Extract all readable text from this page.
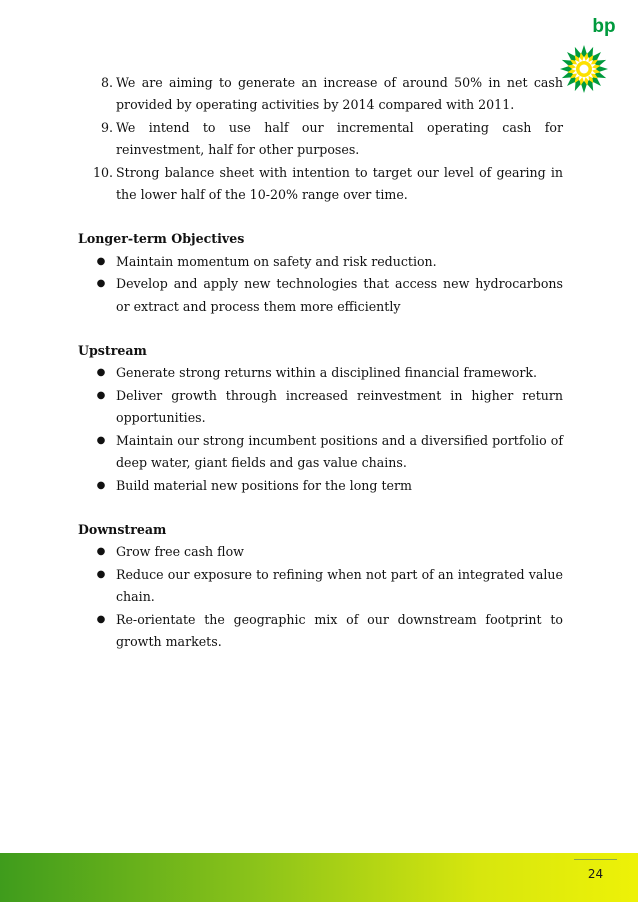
bp
8. We are aiming to generate an increase of around 50% in net cash provided by operating activities by 2014 compared with 2011.
9. We intend to use half our incremental operating cash for reinvestment, half for other purposes.
10. Strong balance sheet with intention to target our level of gearing in the lower half of the 10-20% range over time.
Longer-term Objectives
● Maintain momentum on safety and risk reduction.
● Develop and apply new technologies that access new hydrocarbons or extract and process them more efficiently
Upstream
● Generate strong returns within a disciplined financial framework.
● Deliver growth through increased reinvestment in higher return opportunities.
● Maintain our strong incumbent positions and a diversified portfolio of deep water, giant fields and gas value chains.
● Build material new positions for the long term
Downstream
● Grow free cash flow
● Reduce our exposure to refining when not part of an integrated value chain.
● Re-orientate the geographic mix of our downstream footprint to growth markets.
24
